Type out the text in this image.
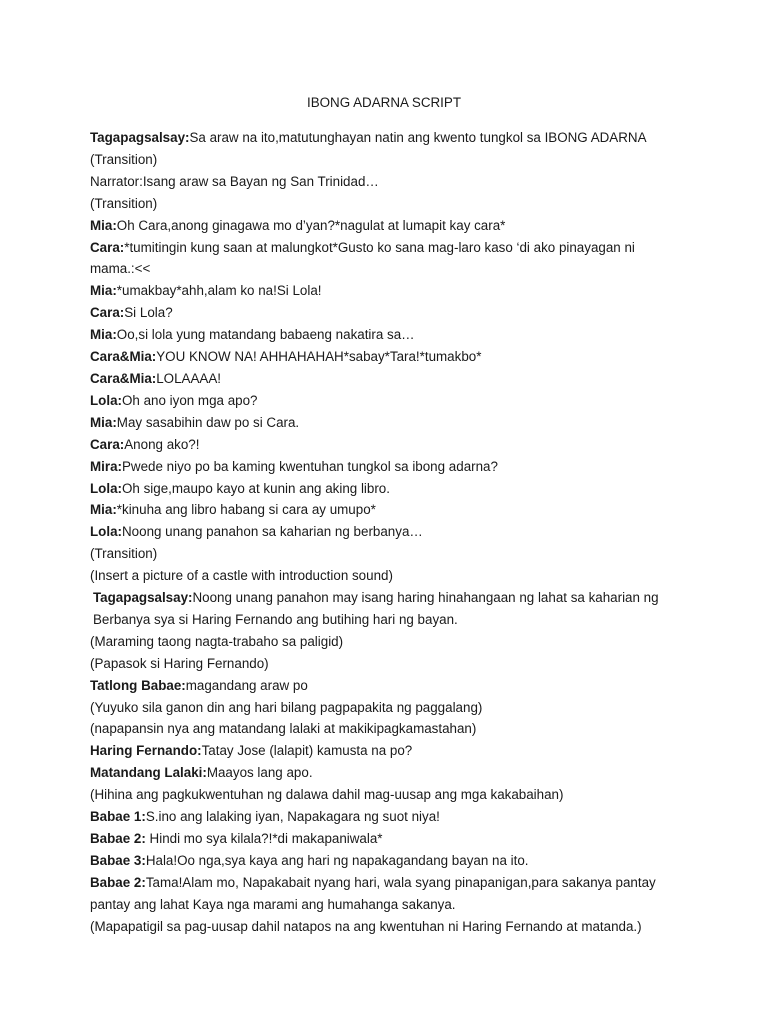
IBONG ADARNA SCRIPT

Tagapagsalsay:Sa araw na ito,matutunghayan natin ang kwento tungkol sa IBONG ADARNA

(Transition)

Narrator:Isang araw sa Bayan ng San Trinidad…

(Transition)

Mia:Oh Cara,anong ginagawa mo d’yan?*nagulat at lumapit kay cara*

Cara:*tumitingin kung saan at malungkot*Gusto ko sana mag-laro kaso ‘di ako pinayagan ni mama.:<<

Mia:*umakbay*ahh,alam ko na!Si Lola!

Cara:Si Lola?

Mia:Oo,si lola yung matandang babaeng nakatira sa…

Cara&Mia:YOU KNOW NA! AHHAHAHAH*sabay*Tara!*tumakbo*

Cara&Mia:LOLAAAA!

Lola:Oh ano iyon mga apo?

Mia:May sasabihin daw po si Cara.

Cara:Anong ako?!

Mira:Pwede niyo po ba kaming kwentuhan tungkol sa ibong adarna?

Lola:Oh sige,maupo kayo at kunin ang aking libro.

Mia:*kinuha ang libro habang si cara ay umupo*

Lola:Noong unang panahon sa kaharian ng berbanya…

(Transition)

(Insert a picture of a castle with introduction sound)

Tagapagsalsay:Noong unang panahon may isang haring hinahangaan ng lahat sa kaharian ng Berbanya sya si Haring Fernando ang butihing hari ng bayan.

(Maraming taong nagta-trabaho sa paligid)

(Papasok si Haring Fernando)

Tatlong Babae:magandang araw po

(Yuyuko sila ganon din ang hari bilang pagpapakita ng paggalang)

(napapansin nya ang matandang lalaki at makikipagkamastahan)

Haring Fernando:Tatay Jose (lalapit) kamusta na po?

Matandang Lalaki:Maayos lang apo.

(Hihina ang pagkukwentuhan ng dalawa dahil mag-uusap ang mga kakabaihan)

Babae 1:S.ino ang lalaking iyan, Napakagara ng suot niya!

Babae 2: Hindi mo sya kilala?!*di makapaniwala*

Babae 3:Hala!Oo nga,sya kaya ang hari ng napakagandang bayan na ito.

Babae 2:Tama!Alam mo, Napakabait nyang hari, wala syang pinapanigan,para sakanya pantay pantay ang lahat Kaya nga marami ang humahanga sakanya.

(Mapapatigil sa pag-uusap dahil natapos na ang kwentuhan ni Haring Fernando at matanda.)
